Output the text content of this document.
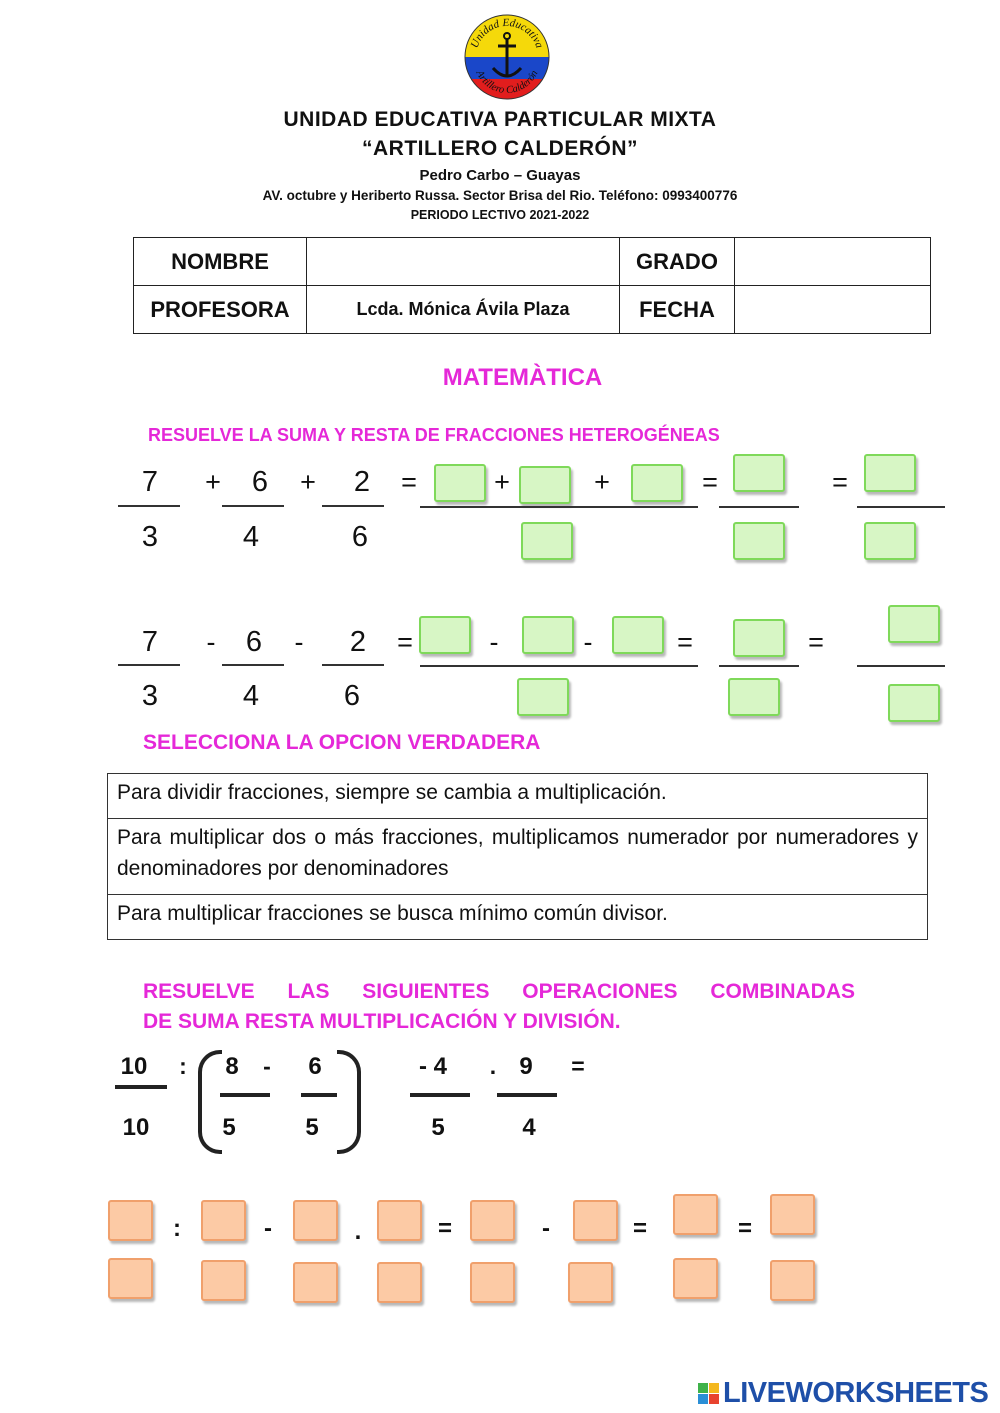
Unidad Educativa
Artillero Calderón
UNIDAD EDUCATIVA PARTICULAR MIXTA
“ARTILLERO CALDERÓN”
Pedro Carbo – Guayas
AV. octubre y Heriberto Russa. Sector Brisa del Rio. Teléfono: 0993400776
PERIODO LECTIVO 2021-2022
NOMBRE		GRADO	
PROFESORA	Lcda. Mónica Ávila Plaza	FECHA	
MATEMÀTICA
RESUELVE LA SUMA Y RESTA DE FRACCIONES HETEROGÉNEAS
7
3
+	6
4
+	2
6
=	+	+	=	=
7
3
-	6
4
-	2
6
=	-	-	=	=
SELECCIONA LA OPCION VERDADERA
Para dividir fracciones, siempre se cambia a multiplicación.
Para multiplicar dos o más fracciones, multiplicamos numerador por numeradores y denominadores por denominadores
Para multiplicar fracciones se busca mínimo común divisor.
RESUELVE LAS SIGUIENTES OPERACIONES COMBINADAS
DE SUMA RESTA MULTIPLICACIÓN Y DIVISIÓN.
10
10
:	8
5
-	6
5
- 4
5
. 9
4
=
:	-	.	=	-	=	=
LIVEWORKSHEETS
